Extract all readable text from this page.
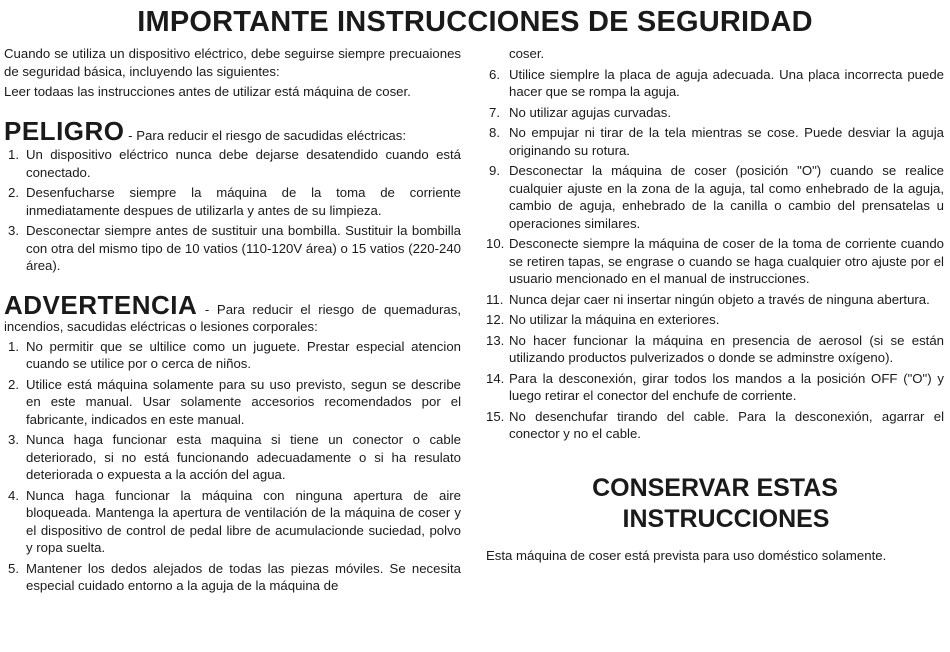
IMPORTANTE INSTRUCCIONES DE SEGURIDAD

Cuando se utiliza un dispositivo eléctrico, debe seguirse siempre precuaiones de seguridad básica, incluyendo las siguientes:

Leer todaas las instrucciones antes de utilizar está máquina de coser.

PELIGRO - Para reducir el riesgo de sacudidas eléctricas:
1. Un dispositivo eléctrico nunca debe dejarse desatendido cuando está conectado.
2. Desenfucharse siempre la máquina de la toma de corriente inmediatamente despues de utilizarla y antes de su limpieza.
3. Desconectar siempre antes de sustituir una bombilla. Sustituir la bombilla con otra del mismo tipo de 10 vatios (110-120V área) o 15 vatios (220-240 área).
ADVERTENCIA - Para reducir el riesgo de quemaduras, incendios, sacudidas eléctricas o lesiones corporales:
1. No permitir que se ultilice como un juguete. Prestar especial atencion cuando se utilice por o cerca de niños.
2. Utilice está máquina solamente para su uso previsto, segun se describe en este manual. Usar solamente accesorios recomendados por el fabricante, indicados en este manual.
3. Nunca haga funcionar esta maquina si tiene un conector o cable deteriorado, si no está funcionando adecuadamente o si ha resulato deteriorada o expuesta a la acción del agua.
4. Nunca haga funcionar la máquina con ninguna apertura de aire bloqueada. Mantenga la apertura de ventilación de la máquina de coser y el dispositivo de control de pedal libre de acumulacionde suciedad, polvo y ropa suelta.
5. Mantener los dedos alejados de todas las piezas móviles. Se necesita especial cuidado entorno a la aguja de la máquina de

coser.

6. Utilice siemplre la placa de aguja adecuada. Una placa incorrecta puede hacer que se rompa la aguja.
7. No utilizar agujas curvadas.
8. No empujar ni tirar de la tela mientras se cose. Puede desviar la aguja originando su rotura.
9. Desconectar la máquina de coser (posición "O") cuando se realice cualquier ajuste en la zona de la aguja, tal como enhebrado de la aguja, cambio de aguja, enhebrado de la canilla o cambio del prensatelas u operaciones similares.
10. Desconecte siempre la máquina de coser de la toma de corriente cuando se retiren tapas, se engrase o cuando se haga cualquier otro ajuste por el usuario mencionado en el manual de instrucciones.
11. Nunca dejar caer ni insertar ningún objeto a través de ninguna abertura.
12. No utilizar la máquina en exteriores.
13. No hacer funcionar la máquina en presencia de aerosol (si se están utilizando productos pulverizados o donde se adminstre oxígeno).
14. Para la desconexión, girar todos los mandos a la posición OFF ("O") y luego retirar el conector del enchufe de corriente.
15. No desenchufar tirando del cable. Para la desconexión, agarrar el conector y no el cable.
CONSERVAR ESTAS
INSTRUCCIONES

Esta máquina de coser está prevista para uso doméstico solamente.
